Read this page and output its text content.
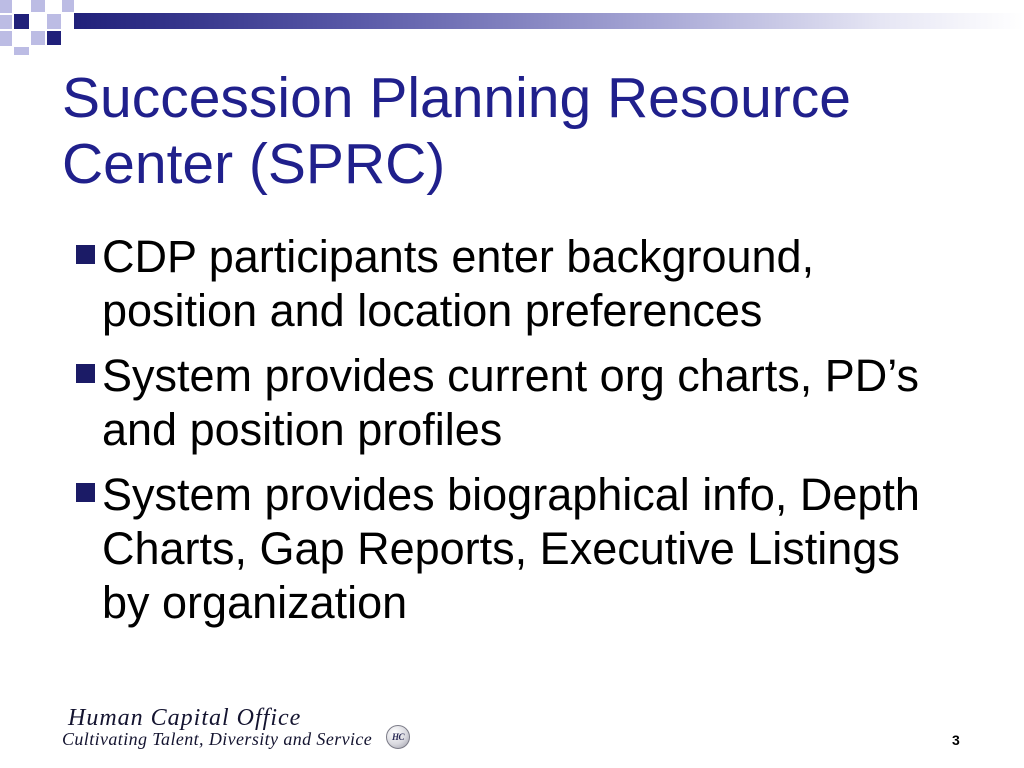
Succession Planning Resource Center (SPRC)

CDP participants enter background,
position and location preferences

System provides current org charts, PD’s
and position profiles

System provides biographical info, Depth
Charts, Gap Reports, Executive Listings
by organization

Human Capital Office
Cultivating Talent, Diversity and Service HC	3
